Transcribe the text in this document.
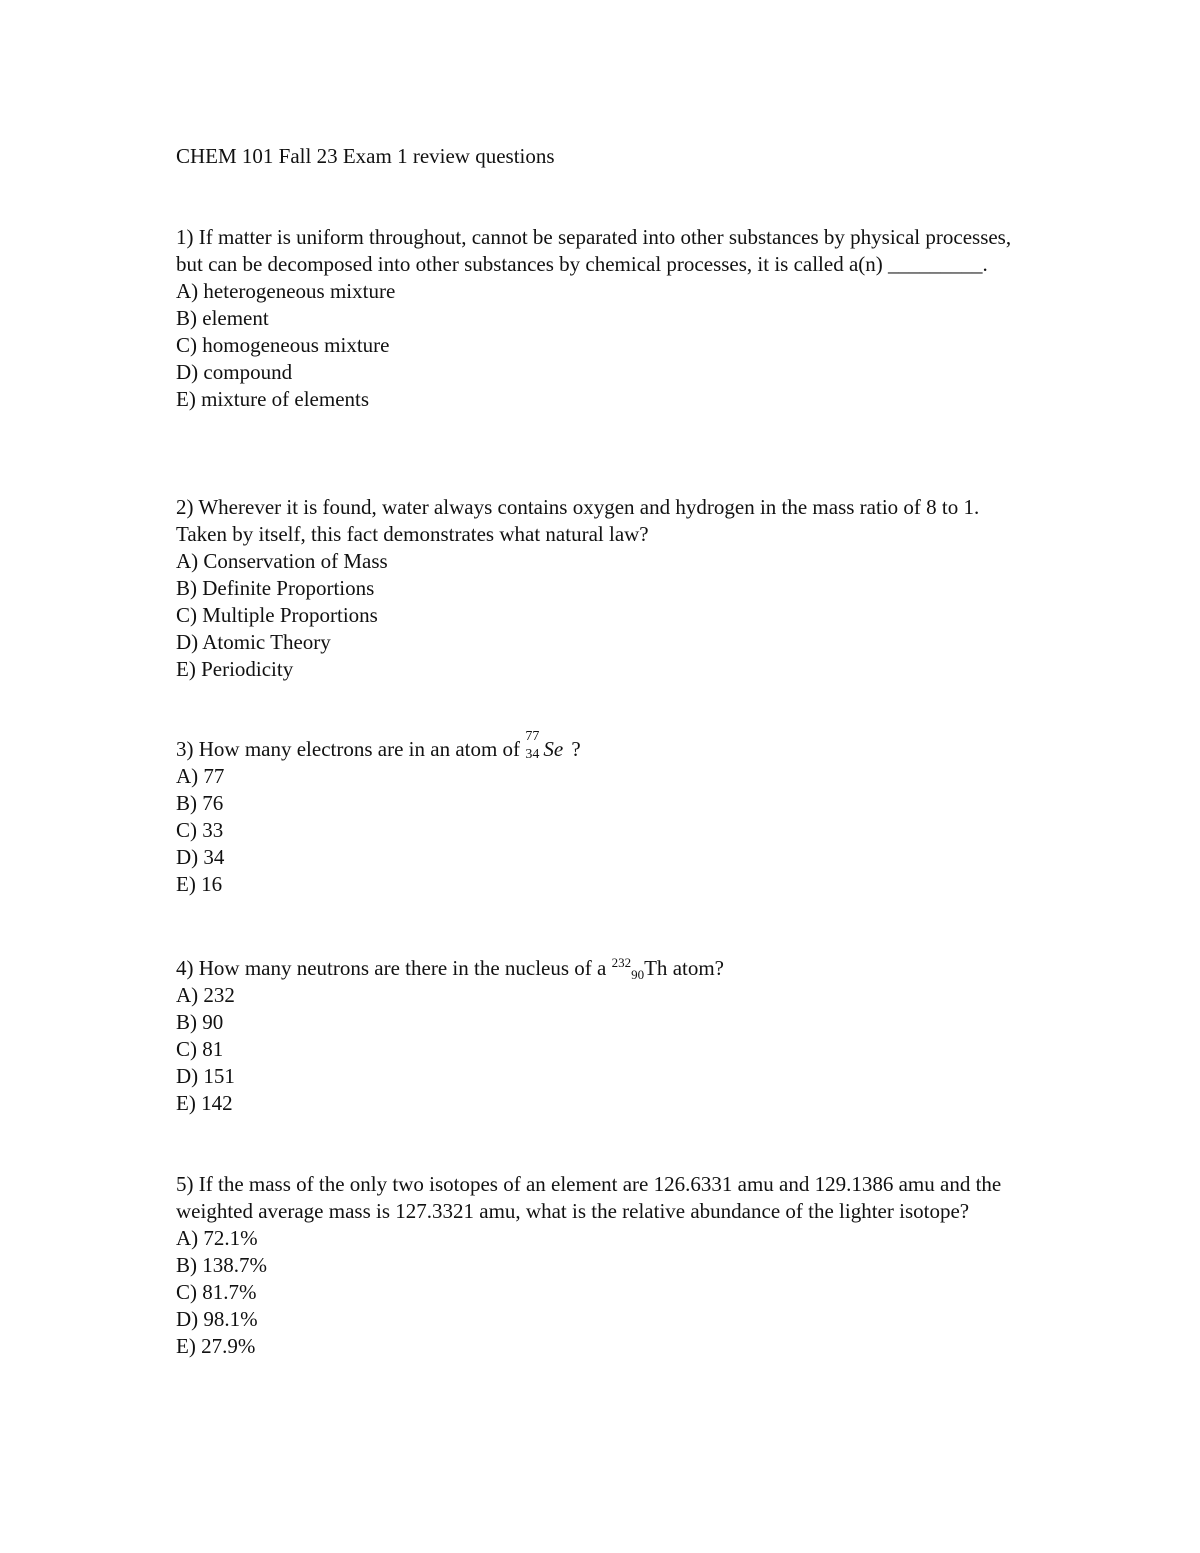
CHEM 101 Fall 23 Exam 1 review questions

1) If matter is uniform throughout, cannot be separated into other substances by physical processes, but can be decomposed into other substances by chemical processes, it is called a(n) _________.

A) heterogeneous mixture
B) element
C) homogeneous mixture
D) compound
E) mixture of elements

2) Wherever it is found, water always contains oxygen and hydrogen in the mass ratio of 8 to 1. Taken by itself, this fact demonstrates what natural law?

A) Conservation of Mass
B) Definite Proportions
C) Multiple Proportions
D) Atomic Theory
E) Periodicity

3) How many electrons are in an atom of
77
34 Se ?

A) 77
B) 76
C) 33
D) 34
E) 16

4) How many neutrons are there in the nucleus of a $^{232}_{90}$Th atom?

A) 232
B) 90
C) 81
D) 151
E) 142

5) If the mass of the only two isotopes of an element are 126.6331 amu and 129.1386 amu and the weighted average mass is 127.3321 amu, what is the relative abundance of the lighter isotope?

A) 72.1%
B) 138.7%
C) 81.7%
D) 98.1%
E) 27.9%
